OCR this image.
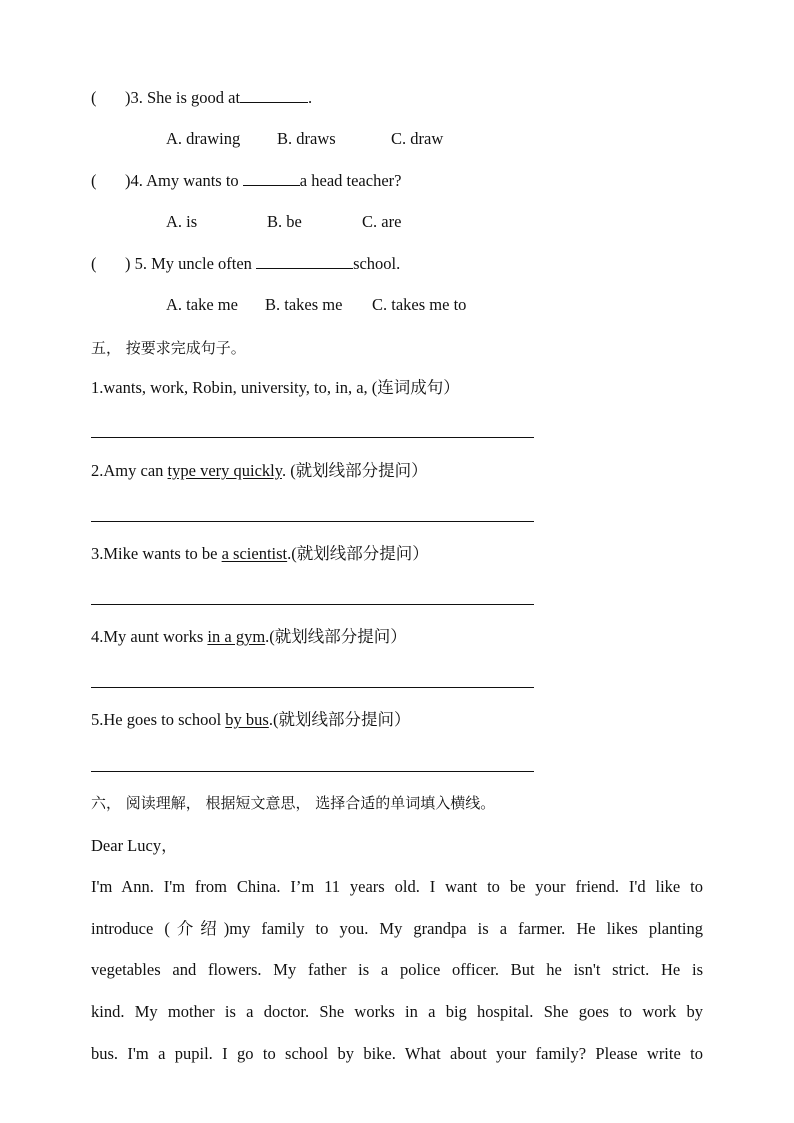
( )3. She is good at	.
A. drawing B. draws	C. draw
( )4. Amy wants to	a head teacher?
A. is	B. be	C. are
( ) 5. My uncle often	school.
A. take me B. takes me C. takes me to
五， 按要求完成句子。
1.wants, work, Robin, university, to, in, a, (连词成句）
2.Amy can type very quickly. (就划线部分提问）
3.Mike wants to be a scientist.(就划线部分提问）
4.My aunt works in a gym.(就划线部分提问）
5.He goes to school by bus.(就划线部分提问）
六， 阅读理解， 根据短文意思， 选择合适的单词填入横线。
Dear Lucy，
I'm Ann. I'm from China. I’m 11 years old. I want to be your friend. I'd like to
introduce (介绍)my family to you. My grandpa is a farmer. He likes planting
vegetables and flowers. My father is a police officer. But he isn't strict. He is
kind. My mother is a doctor. She works in a big hospital. She goes to work by
bus. I'm a pupil. I go to school by bike. What about your family? Please write to
